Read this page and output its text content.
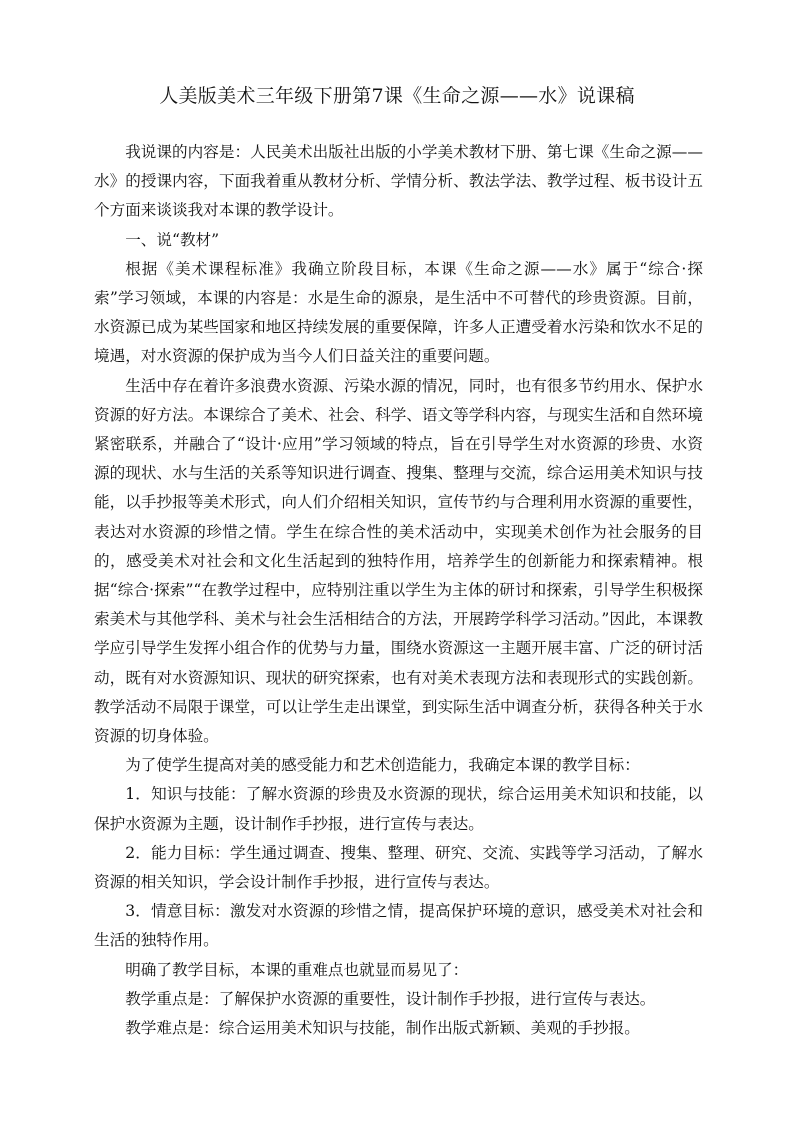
人美版美术三年级下册第7课《生命之源——水》说课稿

我说课的内容是：人民美术出版社出版的小学美术教材下册、第七课《生命之源——水》的授课内容，下面我着重从教材分析、学情分析、教法学法、教学过程、板书设计五个方面来谈谈我对本课的教学设计。

一、说“教材”

根据《美术课程标准》我确立阶段目标，本课《生命之源——水》属于“综合·探索”学习领域，本课的内容是：水是生命的源泉，是生活中不可替代的珍贵资源。目前，水资源已成为某些国家和地区持续发展的重要保障，许多人正遭受着水污染和饮水不足的境遇，对水资源的保护成为当今人们日益关注的重要问题。

生活中存在着许多浪费水资源、污染水源的情况，同时，也有很多节约用水、保护水资源的好方法。本课综合了美术、社会、科学、语文等学科内容，与现实生活和自然环境紧密联系，并融合了“设计·应用”学习领域的特点，旨在引导学生对水资源的珍贵、水资源的现状、水与生活的关系等知识进行调查、搜集、整理与交流，综合运用美术知识与技能，以手抄报等美术形式，向人们介绍相关知识，宣传节约与合理利用水资源的重要性，表达对水资源的珍惜之情。学生在综合性的美术活动中，实现美术创作为社会服务的目的，感受美术对社会和文化生活起到的独特作用，培养学生的创新能力和探索精神。根据“综合·探索”“在教学过程中，应特别注重以学生为主体的研讨和探索，引导学生积极探索美术与其他学科、美术与社会生活相结合的方法，开展跨学科学习活动。”因此，本课教学应引导学生发挥小组合作的优势与力量，围绕水资源这一主题开展丰富、广泛的研讨活动，既有对水资源知识、现状的研究探索，也有对美术表现方法和表现形式的实践创新。教学活动不局限于课堂，可以让学生走出课堂，到实际生活中调查分析，获得各种关于水资源的切身体验。

为了使学生提高对美的感受能力和艺术创造能力，我确定本课的教学目标：

1．知识与技能：了解水资源的珍贵及水资源的现状，综合运用美术知识和技能，以保护水资源为主题，设计制作手抄报，进行宣传与表达。

2．能力目标：学生通过调查、搜集、整理、研究、交流、实践等学习活动，了解水资源的相关知识，学会设计制作手抄报，进行宣传与表达。

3．情意目标：激发对水资源的珍惜之情，提高保护环境的意识，感受美术对社会和生活的独特作用。

明确了教学目标，本课的重难点也就显而易见了：

教学重点是：了解保护水资源的重要性，设计制作手抄报，进行宣传与表达。

教学难点是：综合运用美术知识与技能，制作出版式新颖、美观的手抄报。
